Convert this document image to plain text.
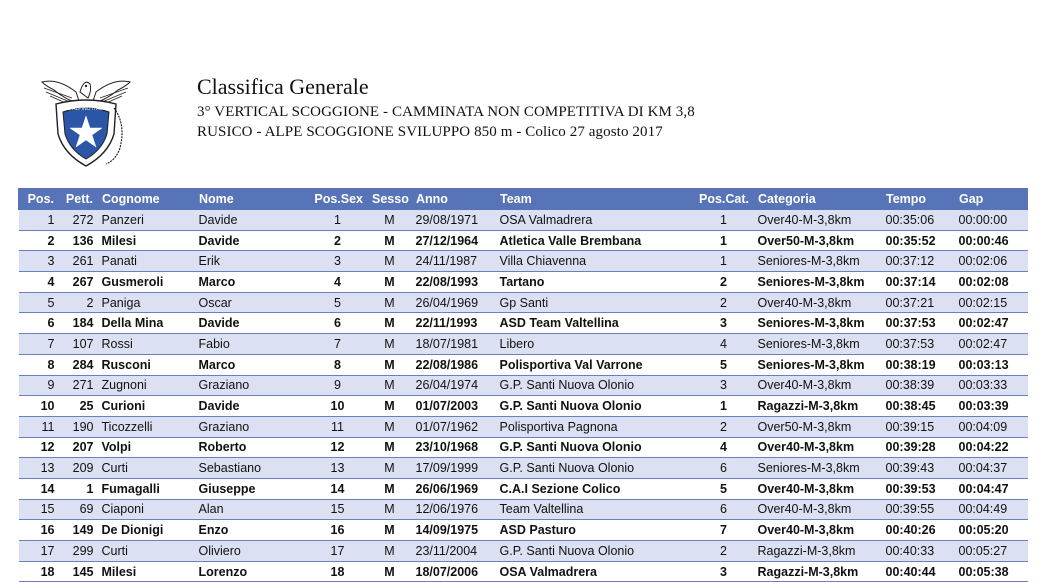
CLUB ALPINO ITALIANO
Classifica Generale
3° VERTICAL SCOGGIONE - CAMMINATA NON COMPETITIVA DI KM 3,8
RUSICO - ALPE SCOGGIONE SVILUPPO 850 m - Colico 27 agosto 2017
Pos.	Pett.	Cognome	Nome	Pos.Sex	Sesso	Anno	Team	Pos.Cat.	Categoria	Tempo	Gap
1	272	Panzeri	Davide	1	M	29/08/1971	OSA Valmadrera	1	Over40-M-3,8km	00:35:06	00:00:00
2	136	Milesi	Davide	2	M	27/12/1964	Atletica Valle Brembana	1	Over50-M-3,8km	00:35:52	00:00:46
3	261	Panati	Erik	3	M	24/11/1987	Villa Chiavenna	1	Seniores-M-3,8km	00:37:12	00:02:06
4	267	Gusmeroli	Marco	4	M	22/08/1993	Tartano	2	Seniores-M-3,8km	00:37:14	00:02:08
5	2	Paniga	Oscar	5	M	26/04/1969	Gp Santi	2	Over40-M-3,8km	00:37:21	00:02:15
6	184	Della Mina	Davide	6	M	22/11/1993	ASD Team Valtellina	3	Seniores-M-3,8km	00:37:53	00:02:47
7	107	Rossi	Fabio	7	M	18/07/1981	Libero	4	Seniores-M-3,8km	00:37:53	00:02:47
8	284	Rusconi	Marco	8	M	22/08/1986	Polisportiva Val Varrone	5	Seniores-M-3,8km	00:38:19	00:03:13
9	271	Zugnoni	Graziano	9	M	26/04/1974	G.P. Santi Nuova Olonio	3	Over40-M-3,8km	00:38:39	00:03:33
10	25	Curioni	Davide	10	M	01/07/2003	G.P. Santi Nuova Olonio	1	Ragazzi-M-3,8km	00:38:45	00:03:39
11	190	Ticozzelli	Graziano	11	M	01/07/1962	Polisportiva Pagnona	2	Over50-M-3,8km	00:39:15	00:04:09
12	207	Volpi	Roberto	12	M	23/10/1968	G.P. Santi Nuova Olonio	4	Over40-M-3,8km	00:39:28	00:04:22
13	209	Curti	Sebastiano	13	M	17/09/1999	G.P. Santi Nuova Olonio	6	Seniores-M-3,8km	00:39:43	00:04:37
14	1	Fumagalli	Giuseppe	14	M	26/06/1969	C.A.I Sezione Colico	5	Over40-M-3,8km	00:39:53	00:04:47
15	69	Ciaponi	Alan	15	M	12/06/1976	Team Valtellina	6	Over40-M-3,8km	00:39:55	00:04:49
16	149	De Dionigi	Enzo	16	M	14/09/1975	ASD Pasturo	7	Over40-M-3,8km	00:40:26	00:05:20
17	299	Curti	Oliviero	17	M	23/11/2004	G.P. Santi Nuova Olonio	2	Ragazzi-M-3,8km	00:40:33	00:05:27
18	145	Milesi	Lorenzo	18	M	18/07/2006	OSA Valmadrera	3	Ragazzi-M-3,8km	00:40:44	00:05:38
